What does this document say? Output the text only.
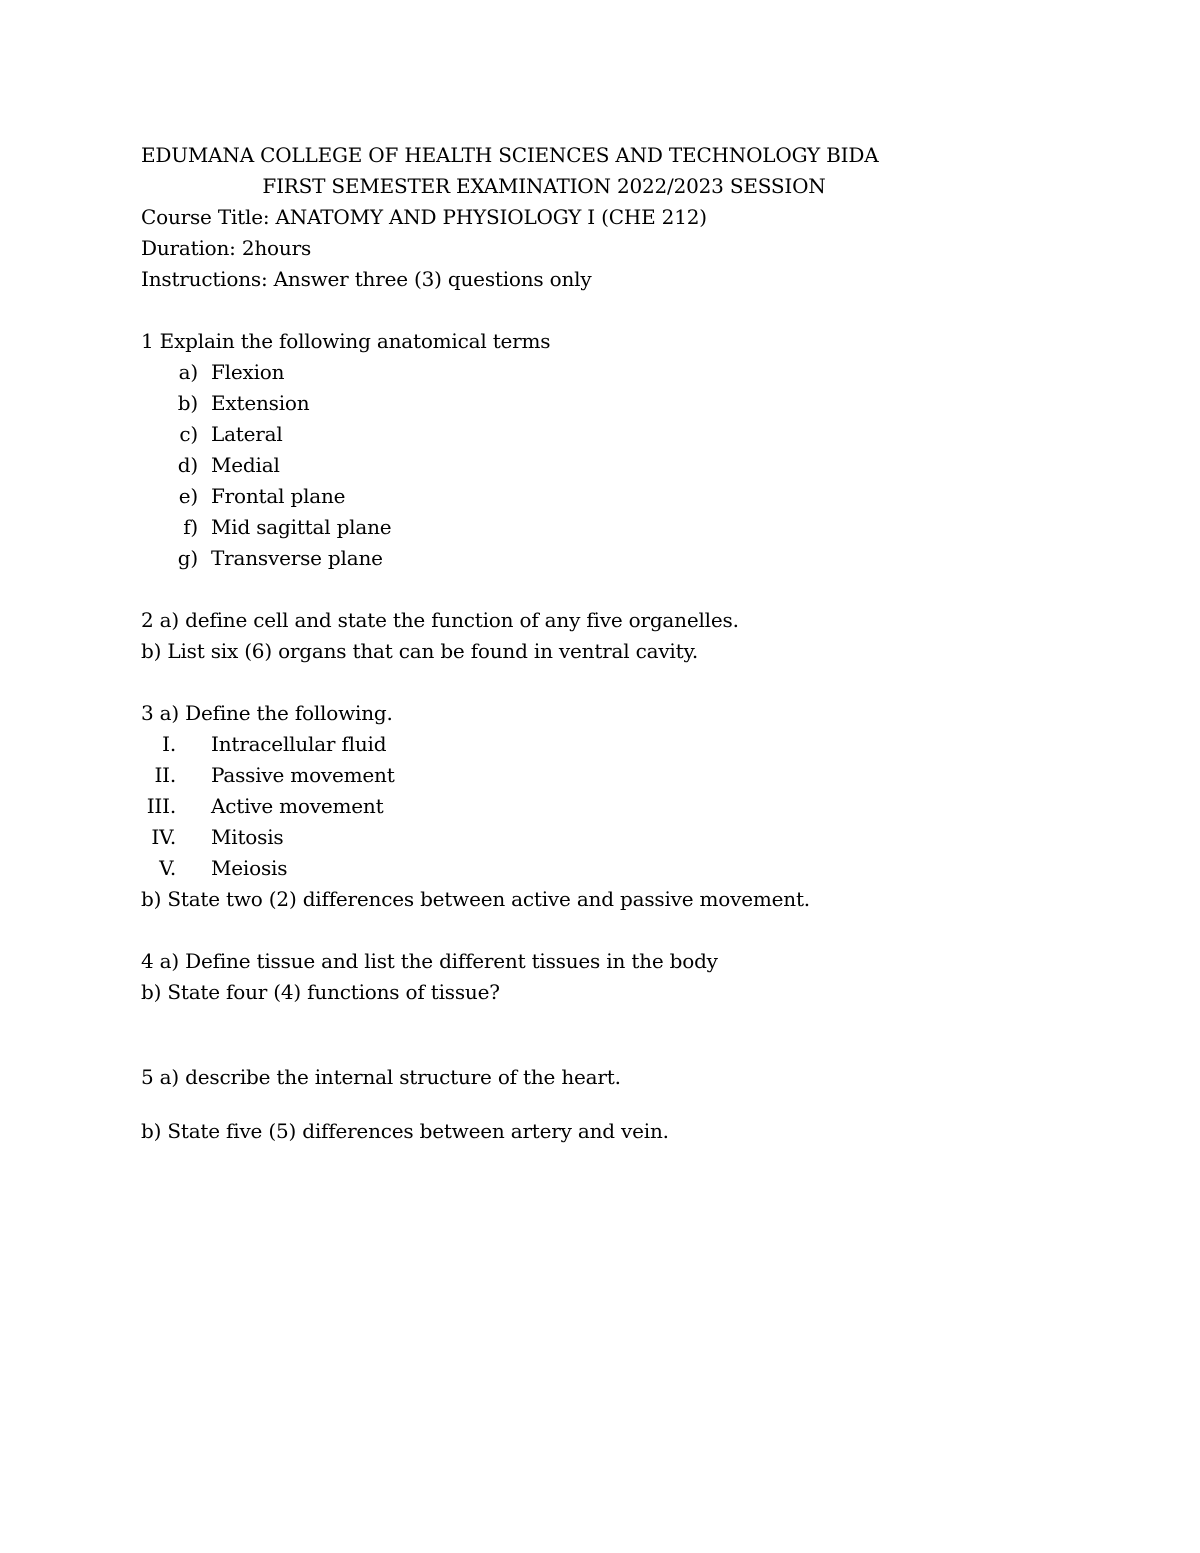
EDUMANA COLLEGE OF HEALTH SCIENCES AND TECHNOLOGY BIDA
FIRST SEMESTER EXAMINATION 2022/2023 SESSION
Course Title: ANATOMY AND PHYSIOLOGY I (CHE 212)
Duration: 2hours
Instructions: Answer three (3) questions only
1 Explain the following anatomical terms
a) Flexion
b) Extension
c) Lateral
d) Medial
e) Frontal plane
f) Mid sagittal plane
g) Transverse plane
2 a) define cell and state the function of any five organelles.
b) List six (6) organs that can be found in ventral cavity.
3 a) Define the following.
I.	Intracellular fluid
II.	Passive movement
III.	Active movement
IV.	Mitosis
V.	Meiosis
b) State two (2) differences between active and passive movement.
4 a) Define tissue and list the different tissues in the body
b) State four (4) functions of tissue?
5 a) describe the internal structure of the heart.
b) State five (5) differences between artery and vein.
